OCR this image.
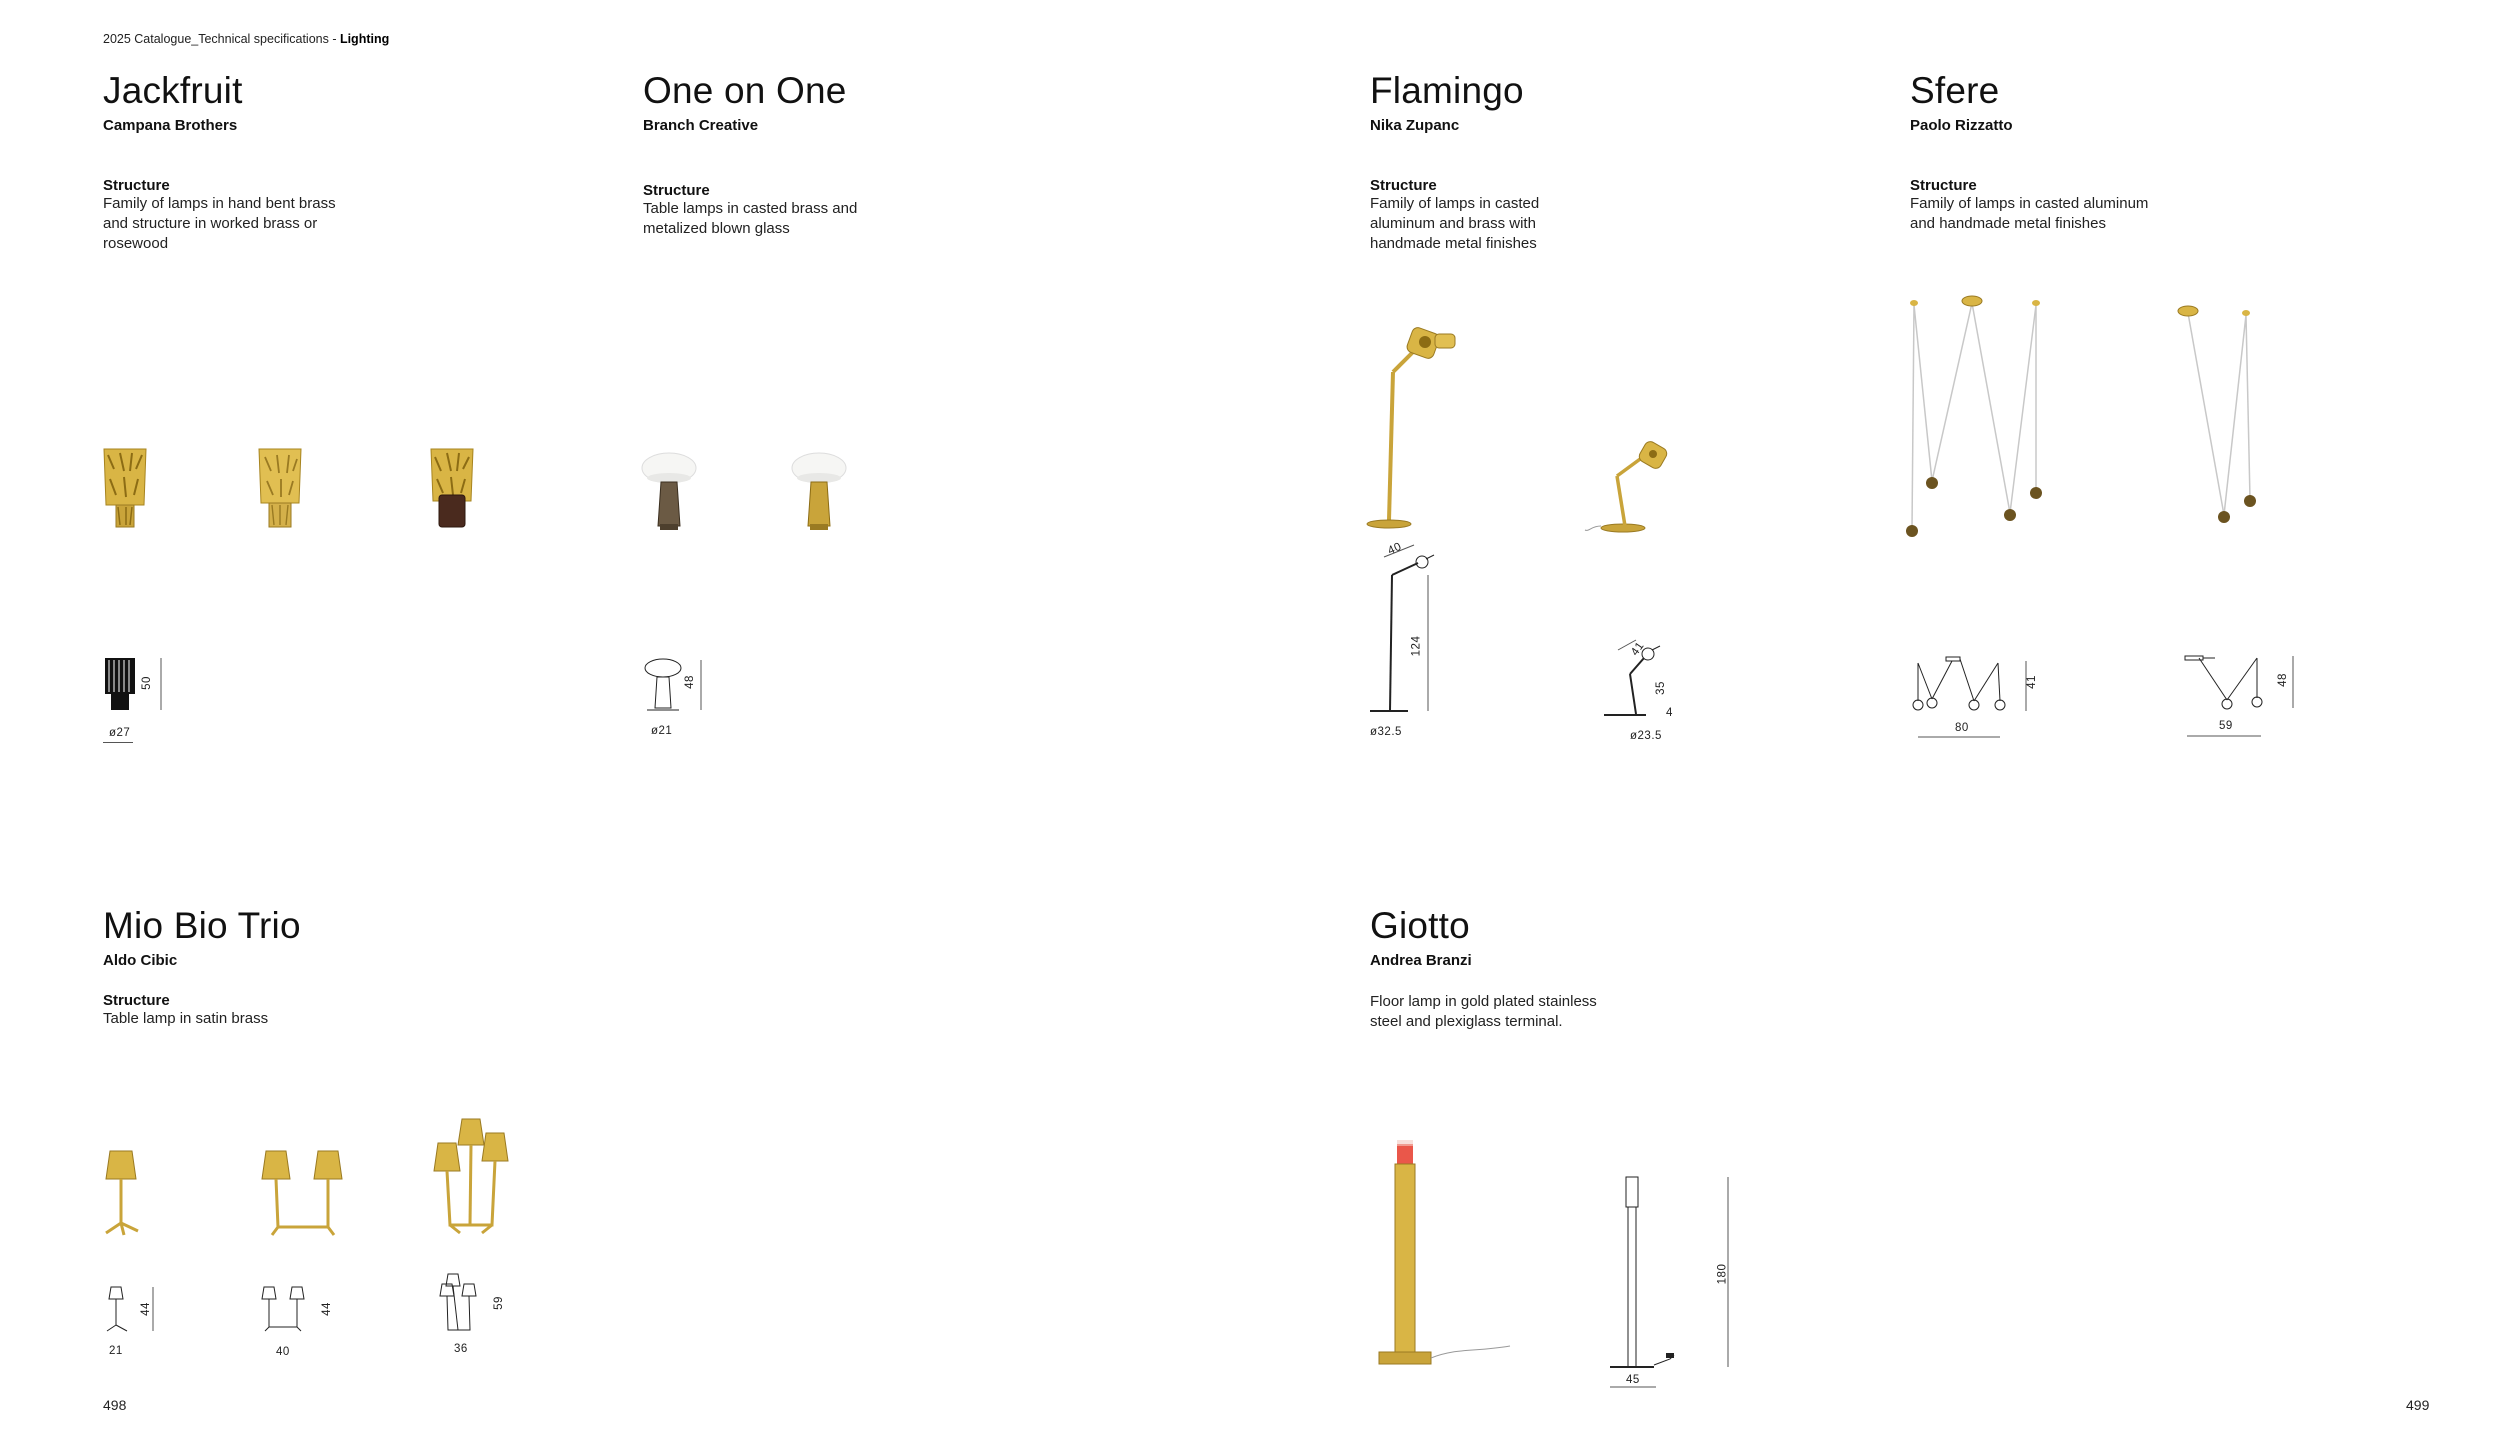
2025 Catalogue_Technical specifications - Lighting
Jackfruit
Campana Brothers
Structure
Family of lamps in hand bent brass and structure in worked brass or rosewood
50
ø27
One on One
Branch Creative
Structure
Table lamps in casted brass and metalized blown glass
48
ø21
Flamingo
Nika Zupanc
Structure
Family of lamps in casted aluminum and brass with handmade metal finishes
40
124
ø32.5
41
35
4
ø23.5
Sfere
Paolo Rizzatto
Structure
Family of lamps in casted aluminum and handmade metal finishes
41
80
48
59
Mio Bio Trio
Aldo Cibic
Structure
Table lamp in satin brass
44
21
44
40
59
36
Giotto
Andrea Branzi
Floor lamp in gold plated stainless steel and plexiglass terminal.
180
45
498	499
